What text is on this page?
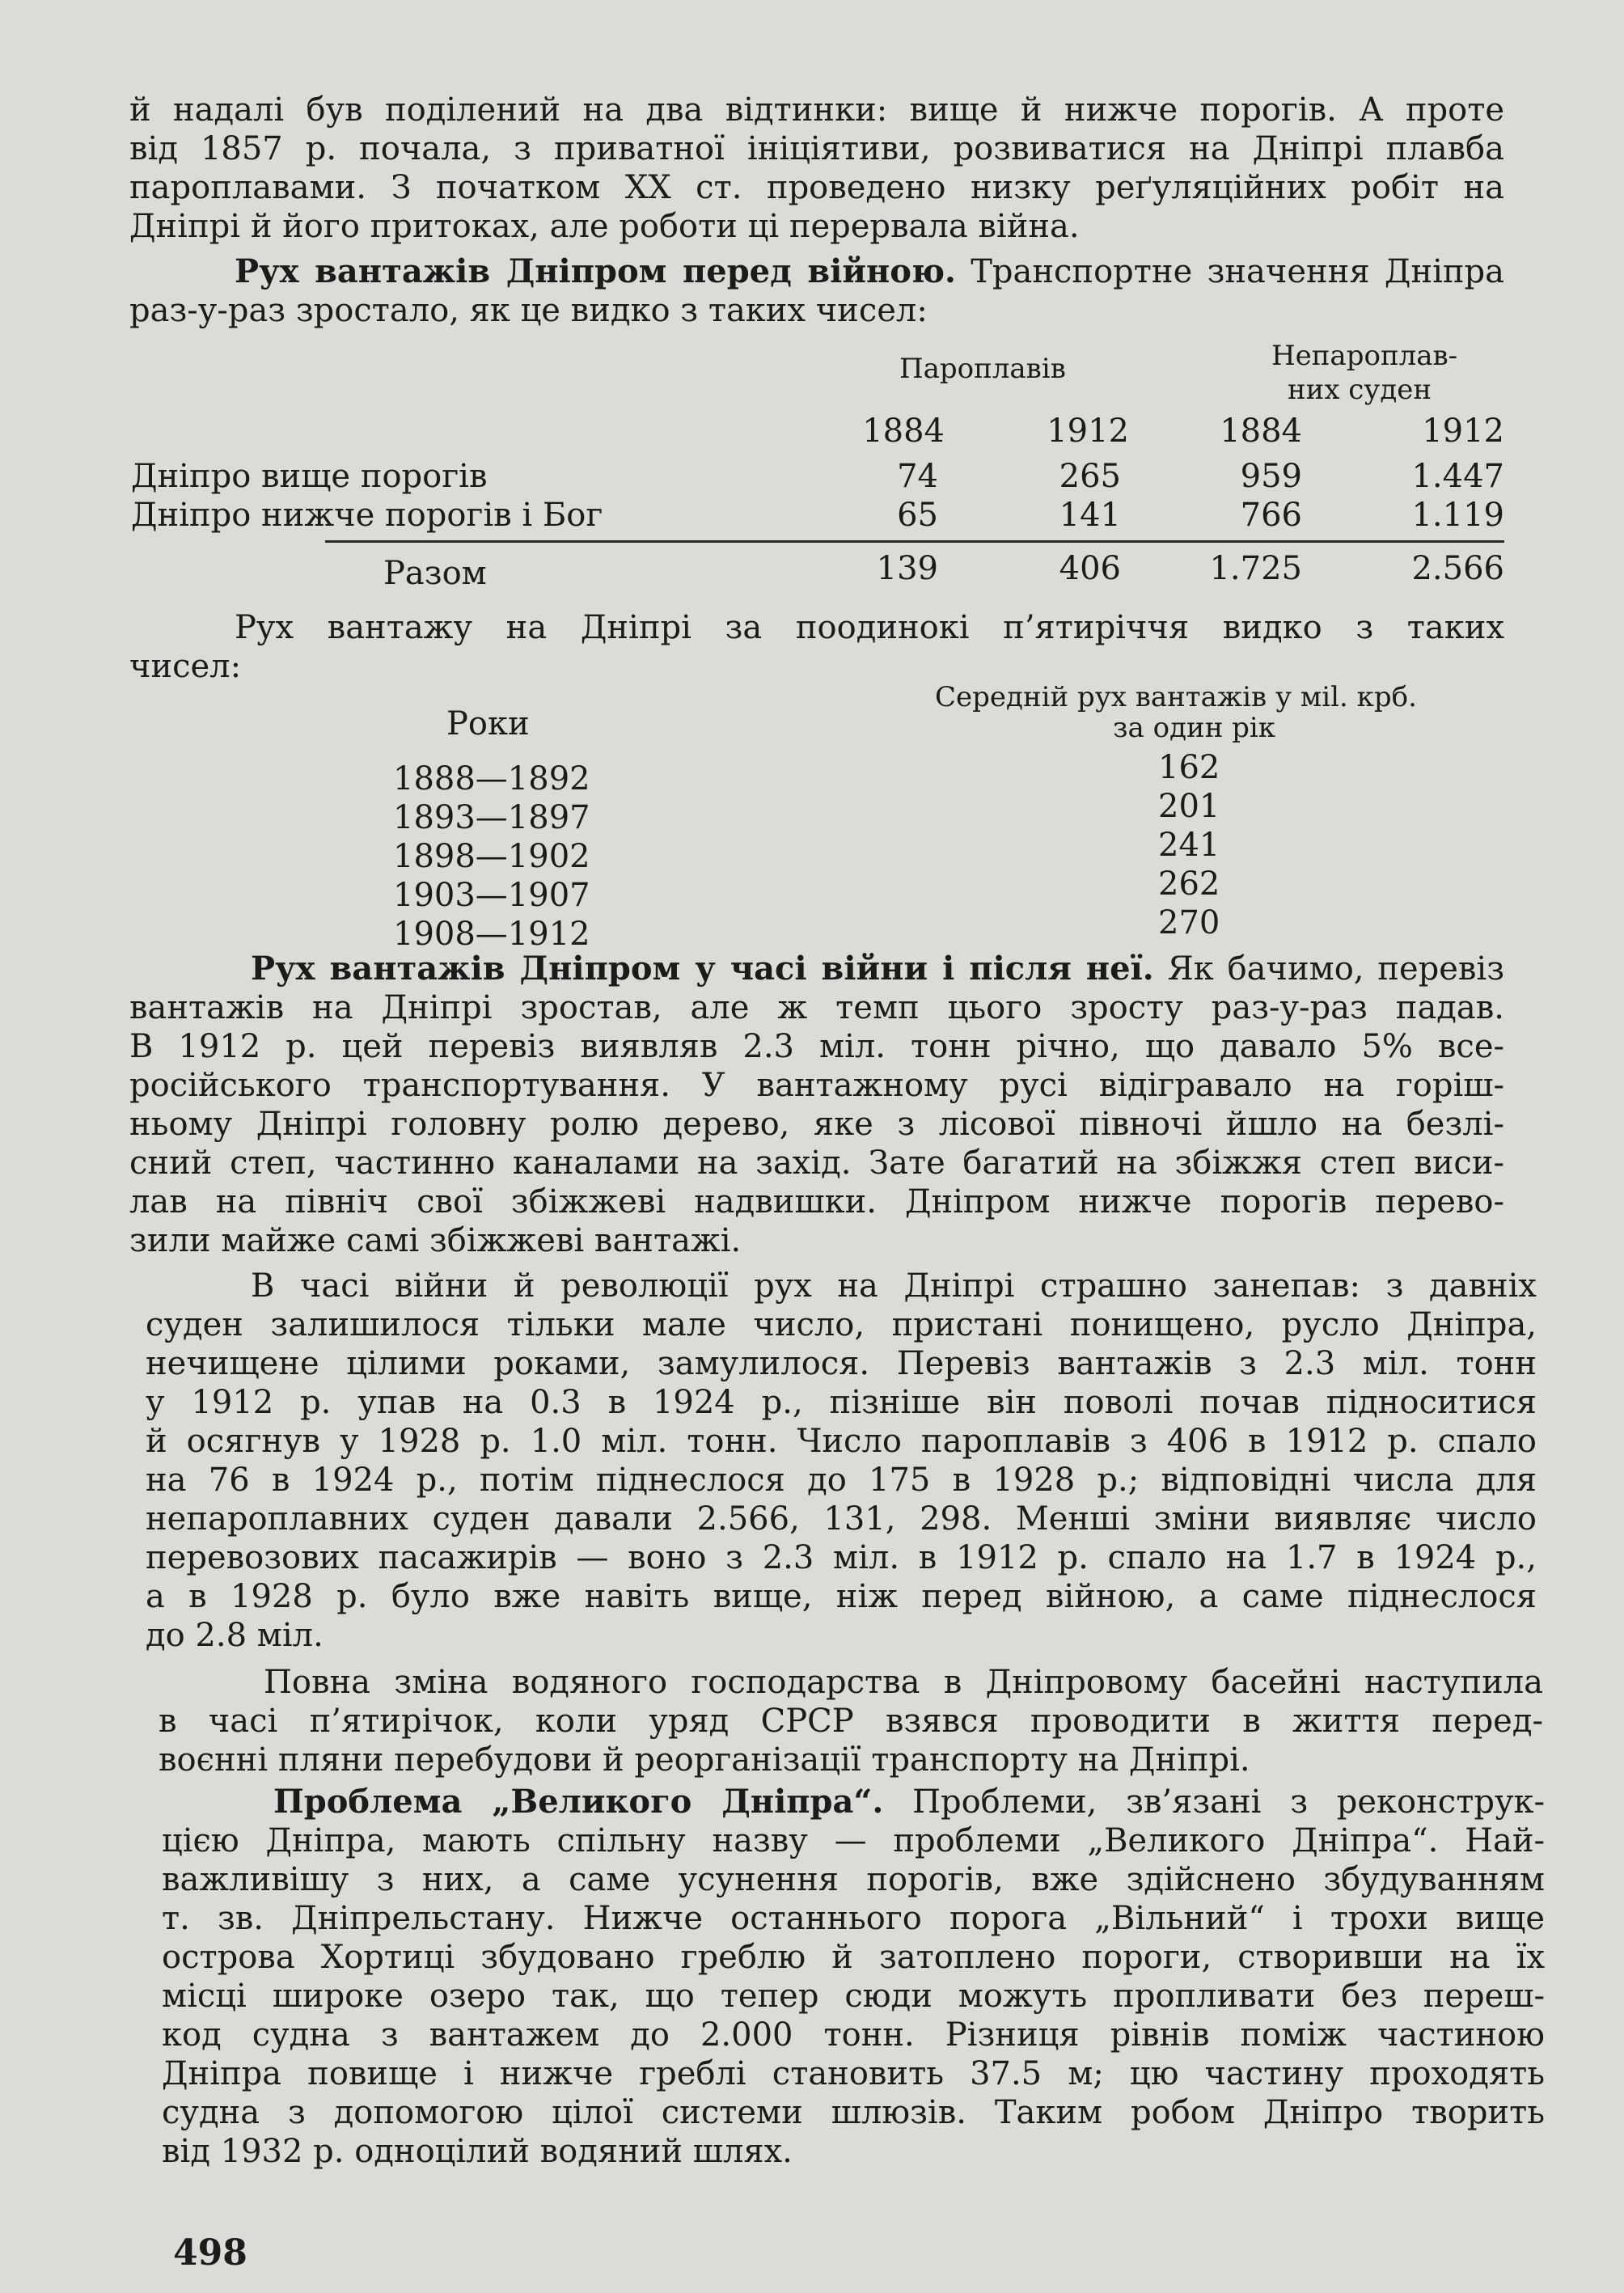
й надалі був поділений на два відтинки: вище й нижче порогів. А проте
від 1857 р. почала, з приватної ініціятиви, розвиватися на Дніпрі плавба
пароплавами. З початком XX ст. проведено низку реґуляційних робіт на
Дніпрі й його притоках, але роботи ці перервала війна.
Рух вантажів Дніпром перед війною. Транспортне значення Дніпра
раз-у-раз зростало, як це видко з таких чисел:
Пароплавів	Непароплав-
них суден
1884	1912	1884	1912
Дніпро вище порогів	74	265	959	1.447
Дніпро нижче порогів і Бог	65	141	766	1.119
Разом	139	406	1.725	2.566
Рух вантажу на Дніпрі за поодинокі п’ятиріччя видко з таких
чисел:
Роки
Середній рух вантажів у мil. крб.
за один рік
1888—1892	162
1893—1897	201
1898—1902	241
1903—1907	262
1908—1912	270
Рух вантажів Дніпром у часі війни і після неї. Як бачимо, перевіз
вантажів на Дніпрі зростав, але ж темп цього зросту раз-у-раз падав.
В 1912 р. цей перевіз виявляв 2.3 міл. тонн річно, що давало 5% все-
російського транспортування. У вантажному русі відігравало на горіш-
ньому Дніпрі головну ролю дерево, яке з лісової півночі йшло на безлі-
сний степ, частинно каналами на захід. Зате багатий на збіжжя степ виси-
лав на північ свої збіжжеві надвишки. Дніпром нижче порогів перево-
зили майже самі збіжжеві вантажі.
В часі війни й революції рух на Дніпрі страшно занепав: з давніх
суден залишилося тільки мале число, пристані понищено, русло Дніпра,
нечищене цілими роками, замулилося. Перевіз вантажів з 2.3 міл. тонн
у 1912 р. упав на 0.3 в 1924 р., пізніше він поволі почав підноситися
й осягнув у 1928 р. 1.0 міл. тонн. Число пароплавів з 406 в 1912 р. спало
на 76 в 1924 р., потім піднеслося до 175 в 1928 р.; відповідні числа для
непароплавних суден давали 2.566, 131, 298. Менші зміни виявляє число
перевозових пасажирів — воно з 2.3 міл. в 1912 р. спало на 1.7 в 1924 р.,
а в 1928 р. було вже навіть вище, ніж перед війною, а саме піднеслося
до 2.8 міл.
Повна зміна водяного господарства в Дніпровому басейні наступила
в часі п’ятирічок, коли уряд СРСР взявся проводити в життя перед-
воєнні пляни перебудови й реорганізації транспорту на Дніпрі.
Проблема „Великого Дніпра“. Проблеми, зв’язані з реконструк-
цією Дніпра, мають спільну назву — проблеми „Великого Дніпра“. Най-
важливішу з них, а саме усунення порогів, вже здійснено збудуванням
т. зв. Дніпрельстану. Нижче останнього порога „Вільний“ і трохи вище
острова Хортиці збудовано греблю й затоплено пороги, створивши на їх
місці широке озеро так, що тепер сюди можуть пропливати без переш-
код судна з вантажем до 2.000 тонн. Різниця рівнів поміж частиною
Дніпра повище і нижче греблі становить 37.5 м; цю частину проходять
судна з допомогою цілої системи шлюзів. Таким робом Дніпро творить
від 1932 р. одноцілий водяний шлях.
498
